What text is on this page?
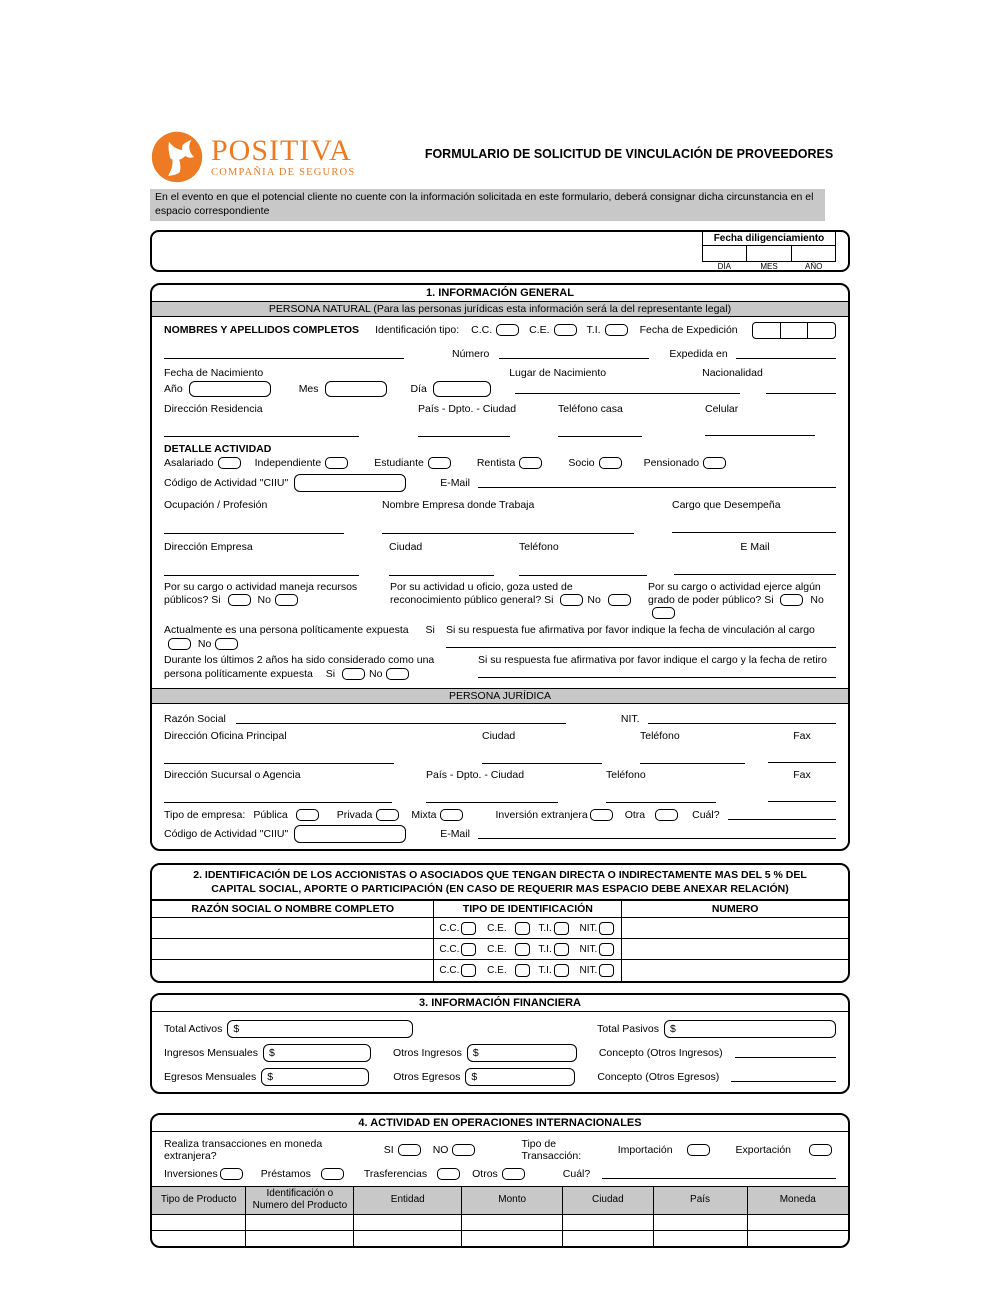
POSITIVA
COMPAÑIA DE SEGUROS
FORMULARIO DE SOLICITUD DE VINCULACIÓN DE PROVEEDORES
En el evento en que el potencial cliente no cuente con la información solicitada en este formulario, deberá consignar dicha circunstancia en el espacio correspondiente
Fecha diligenciamiento
DÍA	MES	AÑO
1. INFORMACIÓN GENERAL
PERSONA NATURAL (Para las personas jurídicas esta información será la del representante legal)
NOMBRES Y APELLIDOS COMPLETOS Identificación tipo: C.C.	C.E.	T.I.	Fecha de Expedición
Número	Expedida en
Fecha de Nacimiento	Lugar de Nacimiento	Nacionalidad
Año	Mes	Día
Dirección Residencia	País - Dpto. - Ciudad	Teléfono casa	Celular
DETALLE ACTIVIDAD
Asalariado	Independiente	Estudiante	Rentista	Socio	Pensionado
Código de Actividad "CIIU"	E-Mail
Ocupación / Profesión	Nombre Empresa donde Trabaja	Cargo que Desempeña
Dirección Empresa	Ciudad	Teléfono	E Mail
Por su cargo o actividad maneja recursos públicos? Si	No
Por su actividad u oficio, goza usted de reconocimiento público general? Si	No
Por su cargo o actividad ejerce algún grado de poder público? Si	No
Actualmente es una persona políticamente expuesta Si  No
Si su respuesta fue afirmativa por favor indique la fecha de vinculación al cargo
Durante los últimos 2 años ha sido considerado como una persona políticamente expuesta Si	No
Si su respuesta fue afirmativa por favor indique el cargo y la fecha de retiro
PERSONA JURÍDICA
Razón Social	NIT.
Dirección Oficina Principal	Ciudad	Teléfono	Fax
Dirección Sucursal o Agencia	País - Dpto. - Ciudad	Teléfono	Fax
Tipo de empresa: Pública	Privada	Mixta	Inversión extranjera	Otra	Cuál?
Código de Actividad "CIIU"	E-Mail
2. IDENTIFICACIÓN DE LOS ACCIONISTAS O ASOCIADOS QUE TENGAN DIRECTA O INDIRECTAMENTE MAS DEL 5 % DEL CAPITAL SOCIAL, APORTE O PARTICIPACIÓN (EN CASO DE REQUERIR MAS ESPACIO DEBE ANEXAR RELACIÓN)
RAZÓN SOCIAL O NOMBRE COMPLETO	TIPO DE IDENTIFICACIÓN	NUMERO
	C.C. C.E. T.I. NIT.	
	C.C. C.E. T.I. NIT.	
	C.C. C.E. T.I. NIT.	
3. INFORMACIÓN FINANCIERA
Total Activos $	Total Pasivos $
Ingresos Mensuales $	Otros Ingresos $	Concepto (Otros Ingresos)
Egresos Mensuales $	Otros Egresos $	Concepto (Otros Egresos)
4. ACTIVIDAD EN OPERACIONES INTERNACIONALES
Realiza transacciones en moneda extranjera?	SI	NO	Tipo de Transacción:	Importación	Exportación
Inversiones	Préstamos	Trasferencias	Otros	Cuál?
Tipo de Producto	Identificación o Numero del Producto	Entidad	Monto	Ciudad	País	Moneda
